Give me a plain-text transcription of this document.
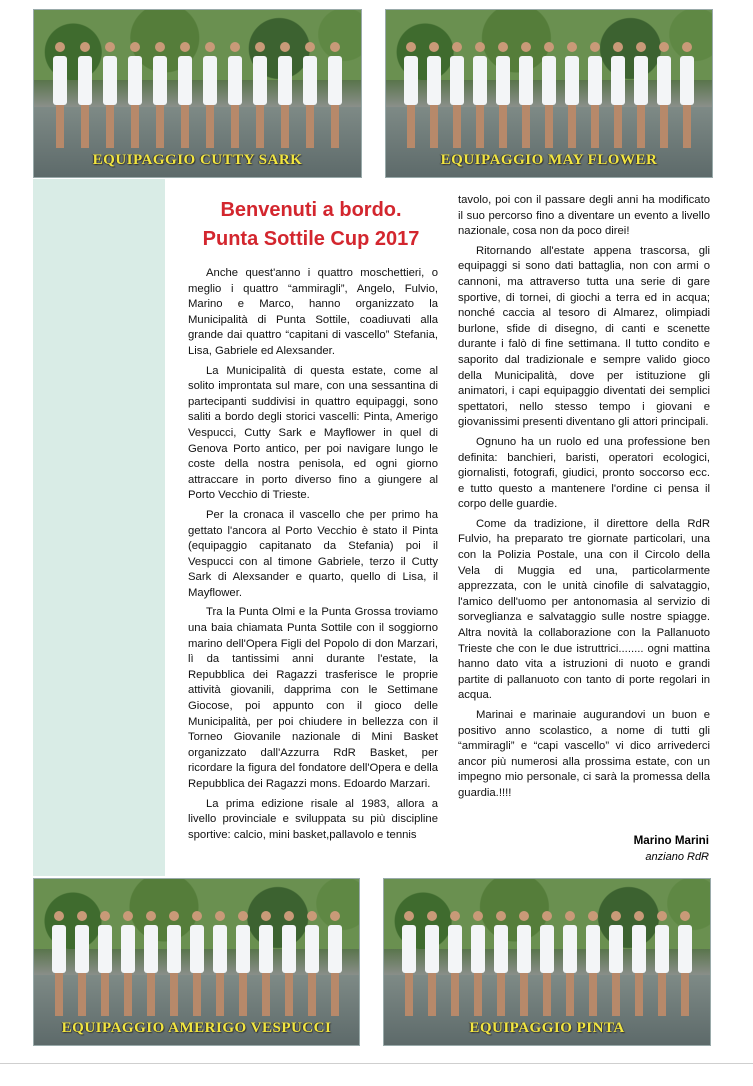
EQUIPAGGIO CUTTY SARK	EQUIPAGGIO MAY FLOWER
Benvenuti a bordo.
Punta Sottile Cup 2017

Anche quest'anno i quattro moschettieri, o meglio i quattro “ammiragli”, Angelo, Fulvio, Marino e Marco, hanno organizzato la Municipalità di Punta Sottile, coadiuvati alla grande dai quattro “capitani di vascello” Stefania, Lisa, Gabriele ed Alexsander.

La Municipalità di questa estate, come al solito improntata sul mare, con una sessantina di partecipanti suddivisi in quattro equipaggi, sono saliti a bordo degli storici vascelli: Pinta, Amerigo Vespucci, Cutty Sark e Mayflower in quel di Genova Porto antico, per poi navigare lungo le coste della nostra penisola, ed ogni giorno attraccare in porto diverso fino a giungere al Porto Vecchio di Trieste.

Per la cronaca il vascello che per primo ha gettato l'ancora al Porto Vecchio è stato il Pinta (equipaggio capitanato da Stefania) poi il Vespucci con al timone Gabriele, terzo il Cutty Sark di Alexsander e quarto, quello di Lisa, il Mayflower.

Tra la Punta Olmi e la Punta Grossa troviamo una baia chiamata Punta Sottile con il soggiorno marino dell'Opera Figli del Popolo di don Marzari, lì da tantissimi anni durante l'estate, la Repubblica dei Ragazzi trasferisce le proprie attività giovanili, dapprima con le Settimane Giocose, poi appunto con il gioco delle Municipalità, per poi chiudere in bellezza con il Torneo Giovanile nazionale di Mini Basket organizzato dall'Azzurra RdR Basket, per ricordare la figura del fondatore dell'Opera e della Repubblica dei Ragazzi mons. Edoardo Marzari.

La prima edizione risale al 1983, allora a livello provinciale e sviluppata su più discipline sportive: calcio, mini basket,pallavolo e tennis

tavolo, poi con il passare degli anni ha modificato il suo percorso fino a diventare un evento a livello nazionale, cosa non da poco direi!

Ritornando all'estate appena trascorsa, gli equipaggi si sono dati battaglia, non con armi o cannoni, ma attraverso tutta una serie di gare sportive, di tornei, di giochi a terra ed in acqua; nonché caccia al tesoro di Almarez, olimpiadi burlone, sfide di disegno, di canti e scenette durante i falò di fine settimana. Il tutto condito e saporito dal tradizionale e sempre valido gioco della Municipalità, dove per istituzione gli animatori, i capi equipaggio diventati dei semplici spettatori, nello stesso tempo i giovani e giovanissimi presenti diventano gli attori principali.

Ognuno ha un ruolo ed una professione ben definita: banchieri, baristi, operatori ecologici, giornalisti, fotografi, giudici, pronto soccorso ecc. e tutto questo a mantenere l'ordine ci pensa il corpo delle guardie.

Come da tradizione, il direttore della RdR Fulvio, ha preparato tre giornate particolari, una con la Polizia Postale, una con il Circolo della Vela di Muggia ed una, particolarmente apprezzata, con le unità cinofile di salvataggio, l'amico dell'uomo per antonomasia al servizio di sorveglianza e salvataggio sulle nostre spiagge. Altra novità la collaborazione con la Pallanuoto Trieste che con le due istruttrici........ ogni mattina hanno dato vita a istruzioni di nuoto e grandi partite di pallanuoto con tanto di porte regolari in acqua.

Marinai e marinaie augurandovi un buon e positivo anno scolastico, a nome di tutti gli “ammiragli” e “capi vascello” vi dico arrivederci ancor più numerosi alla prossima estate, con un impegno mio personale, ci sarà la promessa della guardia.!!!!

Marino Marini
anziano RdR
EQUIPAGGIO AMERIGO VESPUCCI	EQUIPAGGIO PINTA
